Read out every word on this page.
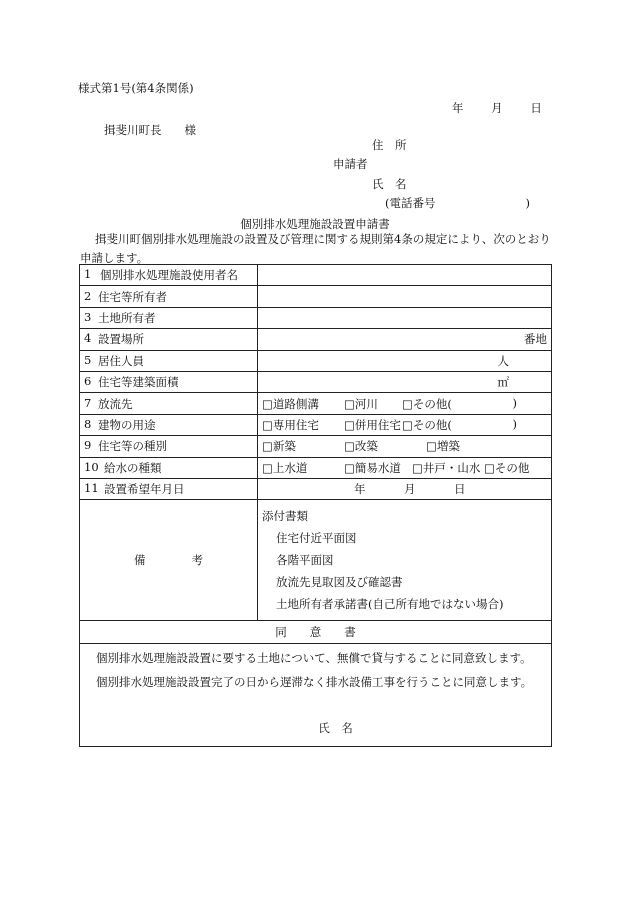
様式第1号(第4条関係)
年 月 日
揖斐川町長　　様
住　所
申請者
氏　名
(電話番号	)
個別排水処理施設設置申請書
揖斐川町個別排水処理施設の設置及び管理に関する規則第4条の規定により、次のとおり申請します。
1 個別排水処理施設使用者名	

2 住宅等所有者	

3 土地所有者	

4 設置場所	番地

5 居住人員	人

6 住宅等建築面積	㎡

7 放流先	□道路側溝 □河川 □その他( )

8 建物の用途	□専用住宅 □併用住宅 □その他( )

9 住宅等の種別	□新築 □改築 □増築

10 給水の種類	□上水道 □簡易水道 □井戸・山水 □その他

11 設置希望年月日	年 月 日

備　　　　考	添付書類
住宅付近平面図
各階平面図
放流先見取図及び確認書
土地所有者承諾書(自己所有地ではない場合)

同　　意　　書	

個別排水処理施設設置に要する土地について、無償で貸与することに同意致します。
個別排水処理施設設置完了の日から遅滞なく排水設備工事を行うことに同意します。
氏　名	
